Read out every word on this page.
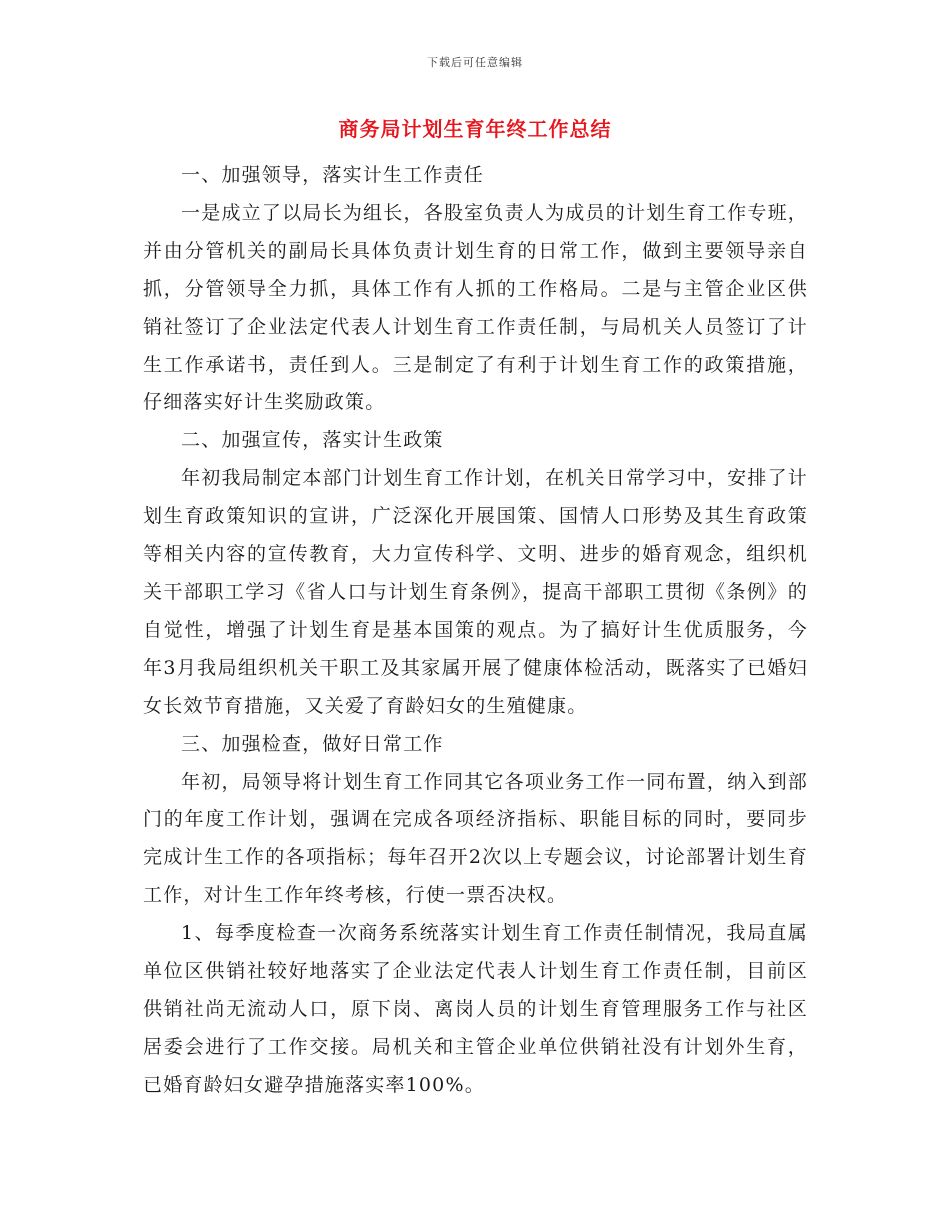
下载后可任意编辑
商务局计划生育年终工作总结

一、加强领导，落实计生工作责任

一是成立了以局长为组长，各股室负责人为成员的计划生育工作专班，并由分管机关的副局长具体负责计划生育的日常工作，做到主要领导亲自抓，分管领导全力抓，具体工作有人抓的工作格局。二是与主管企业区供销社签订了企业法定代表人计划生育工作责任制，与局机关人员签订了计生工作承诺书，责任到人。三是制定了有利于计划生育工作的政策措施，仔细落实好计生奖励政策。

二、加强宣传，落实计生政策

年初我局制定本部门计划生育工作计划，在机关日常学习中，安排了计划生育政策知识的宣讲，广泛深化开展国策、国情人口形势及其生育政策等相关内容的宣传教育，大力宣传科学、文明、进步的婚育观念，组织机关干部职工学习《省人口与计划生育条例》，提高干部职工贯彻《条例》的自觉性，增强了计划生育是基本国策的观点。为了搞好计生优质服务，今年3月我局组织机关干职工及其家属开展了健康体检活动，既落实了已婚妇女长效节育措施，又关爱了育龄妇女的生殖健康。

三、加强检查，做好日常工作

年初，局领导将计划生育工作同其它各项业务工作一同布置，纳入到部门的年度工作计划，强调在完成各项经济指标、职能目标的同时，要同步完成计生工作的各项指标；每年召开2次以上专题会议，讨论部署计划生育工作，对计生工作年终考核，行使一票否决权。

1、每季度检查一次商务系统落实计划生育工作责任制情况，我局直属单位区供销社较好地落实了企业法定代表人计划生育工作责任制，目前区供销社尚无流动人口，原下岗、离岗人员的计划生育管理服务工作与社区居委会进行了工作交接。局机关和主管企业单位供销社没有计划外生育，已婚育龄妇女避孕措施落实率100%。
